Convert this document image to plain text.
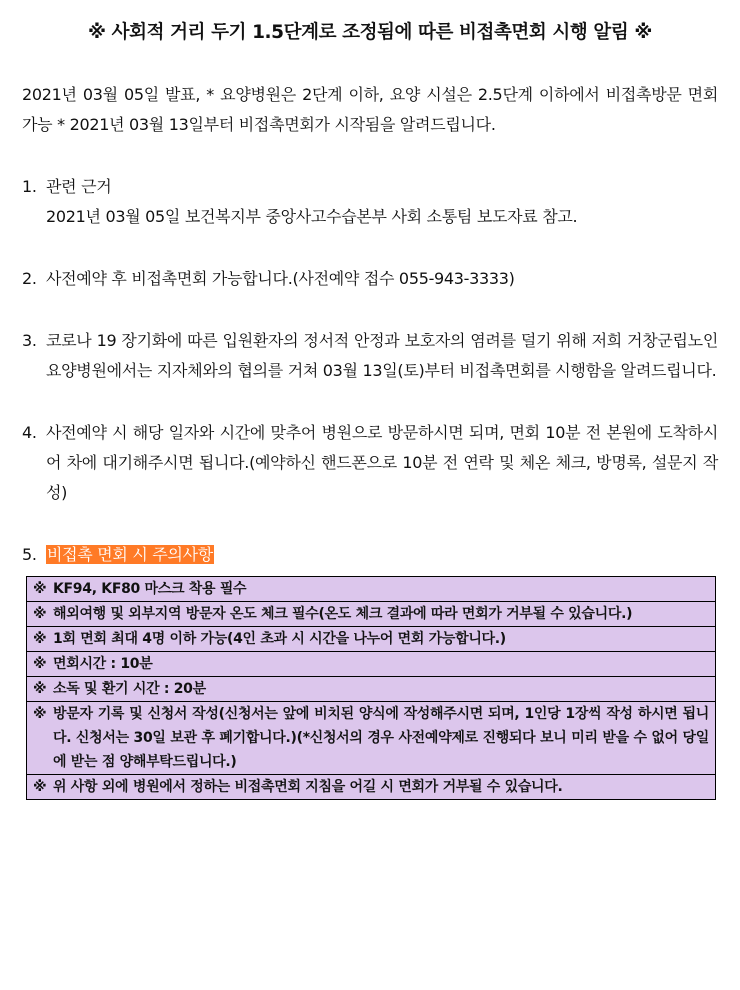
※ 사회적 거리 두기 1.5단계로 조정됨에 따른 비접촉면회 시행 알림 ※
2021년 03월 05일 발표, * 요양병원은 2단계 이하, 요양 시설은 2.5단계 이하에서 비접촉방문 면회 가능 * 2021년 03월 13일부터 비접촉면회가 시작됨을 알려드립니다.
1. 관련 근거
2021년 03월 05일 보건복지부 중앙사고수습본부 사회 소통팀 보도자료 참고.
2. 사전예약 후 비접촉면회 가능합니다.(사전예약 접수 055-943-3333)
3. 코로나 19 장기화에 따른 입원환자의 정서적 안정과 보호자의 염려를 덜기 위해 저희 거창군립노인요양병원에서는 지자체와의 협의를 거쳐 03월 13일(토)부터 비접촉면회를 시행함을 알려드립니다.
4. 사전예약 시 해당 일자와 시간에 맞추어 병원으로 방문하시면 되며, 면회 10분 전 본원에 도착하시어 차에 대기해주시면 됩니다.(예약하신 핸드폰으로 10분 전 연락 및 체온 체크, 방명록, 설문지 작성)
5. 비접촉 면회 시 주의사항
※ KF94, KF80 마스크 착용 필수
※ 해외여행 및 외부지역 방문자 온도 체크 필수(온도 체크 결과에 따라 면회가 거부될 수 있습니다.)
※ 1회 면회 최대 4명 이하 가능(4인 초과 시 시간을 나누어 면회 가능합니다.)
※ 면회시간 : 10분
※ 소독 및 환기 시간 : 20분
※ 방문자 기록 및 신청서 작성(신청서는 앞에 비치된 양식에 작성해주시면 되며, 1인당 1장씩 작성 하시면 됩니다. 신청서는 30일 보관 후 폐기합니다.)(*신청서의 경우 사전예약제로 진행되다 보니 미리 받을 수 없어 당일에 받는 점 양해부탁드립니다.)
※ 위 사항 외에 병원에서 정하는 비접촉면회 지침을 어길 시 면회가 거부될 수 있습니다.
